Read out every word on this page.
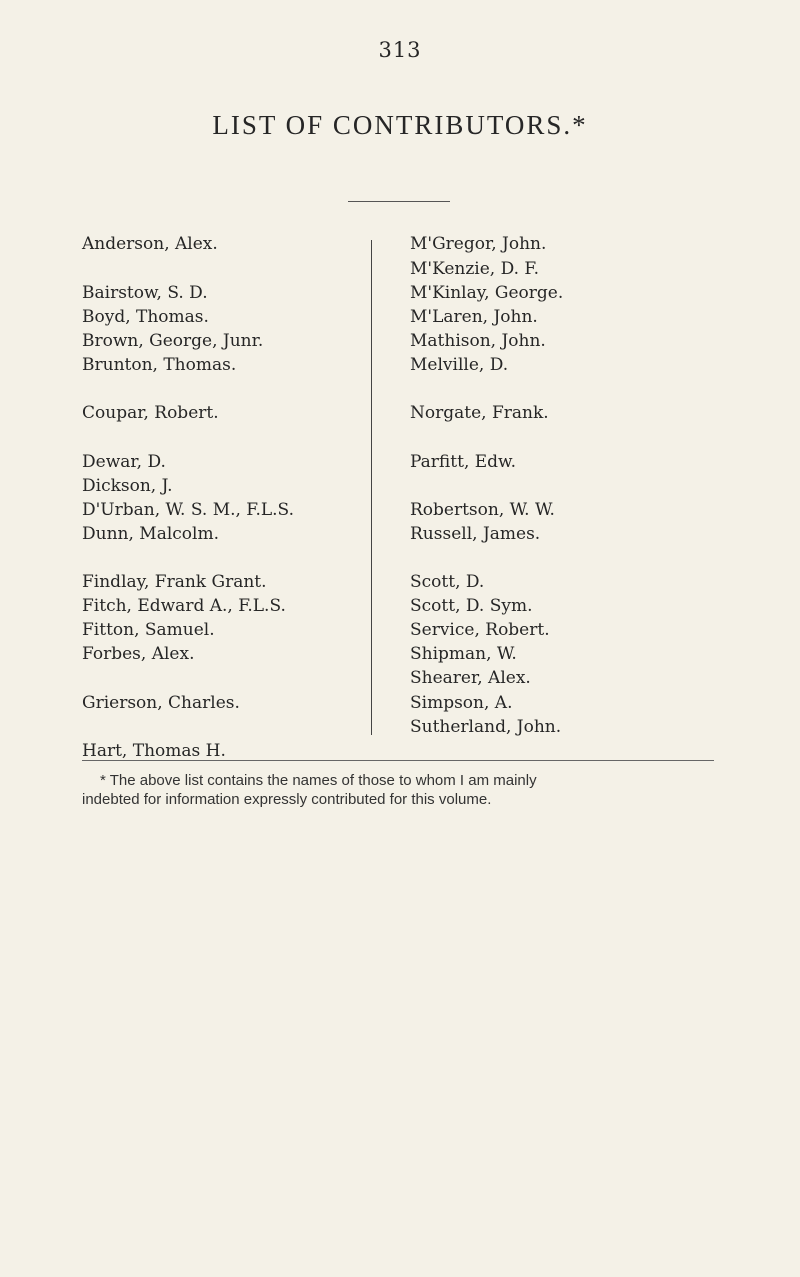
313
LIST OF CONTRIBUTORS.*
Anderson, Alex.
Bairstow, S. D.
Boyd, Thomas.
Brown, George, Junr.
Brunton, Thomas.
Coupar, Robert.
Dewar, D.
Dickson, J.
D'Urban, W. S. M., F.L.S.
Dunn, Malcolm.
Findlay, Frank Grant.
Fitch, Edward A., F.L.S.
Fitton, Samuel.
Forbes, Alex.
Grierson, Charles.
Hart, Thomas H.
M'Gregor, John.
M'Kenzie, D. F.
M'Kinlay, George.
M'Laren, John.
Mathison, John.
Melville, D.
Norgate, Frank.
Parfitt, Edw.
Robertson, W. W.
Russell, James.
Scott, D.
Scott, D. Sym.
Service, Robert.
Shipman, W.
Shearer, Alex.
Simpson, A.
Sutherland, John.
* The above list contains the names of those to whom I am mainly
indebted for information expressly contributed for this volume.
